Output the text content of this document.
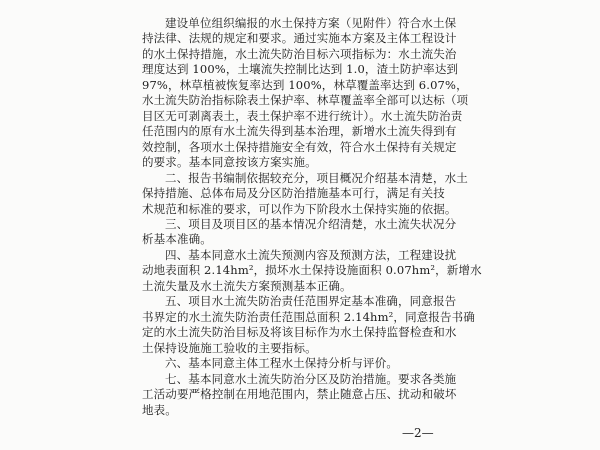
建设单位组织编报的水土保持方案（见附件）符合水土保
持法律、法规的规定和要求。通过实施本方案及主体工程设计
的水土保持措施，水土流失防治目标六项指标为：水土流失治
理度达到 100%，土壤流失控制比达到 1.0，渣土防护率达到
97%，林草植被恢复率达到 100%，林草覆盖率达到 6.07%，
水土流失防治指标除表土保护率、林草覆盖率全部可以达标（项
目区无可剥离表土，表土保护率不进行统计）。水土流失防治责
任范围内的原有水土流失得到基本治理，新增水土流失得到有
效控制，各项水土保持措施安全有效，符合水土保持有关规定
的要求。基本同意按该方案实施。
二、报告书编制依据较充分，项目概况介绍基本清楚，水土
保持措施、总体布局及分区防治措施基本可行，满足有关技
术规范和标准的要求，可以作为下阶段水土保持实施的依据。
三、项目及项目区的基本情况介绍清楚，水土流失状况分
析基本准确。
四、基本同意水土流失预测内容及预测方法，工程建设扰
动地表面积 2.14hm²，损坏水土保持设施面积 0.07hm²，新增水
土流失量及水土流失方案预测基本正确。
五、项目水土流失防治责任范围界定基本准确，同意报告
书界定的水土流失防治责任范围总面积 2.14hm²，同意报告书确
定的水土流失防治目标及将该目标作为水土保持监督检查和水
土保持设施施工验收的主要指标。
六、基本同意主体工程水土保持分析与评价。
七、基本同意水土流失防治分区及防治措施。要求各类施
工活动要严格控制在用地范围内，禁止随意占压、扰动和破坏
地表。
—2—
